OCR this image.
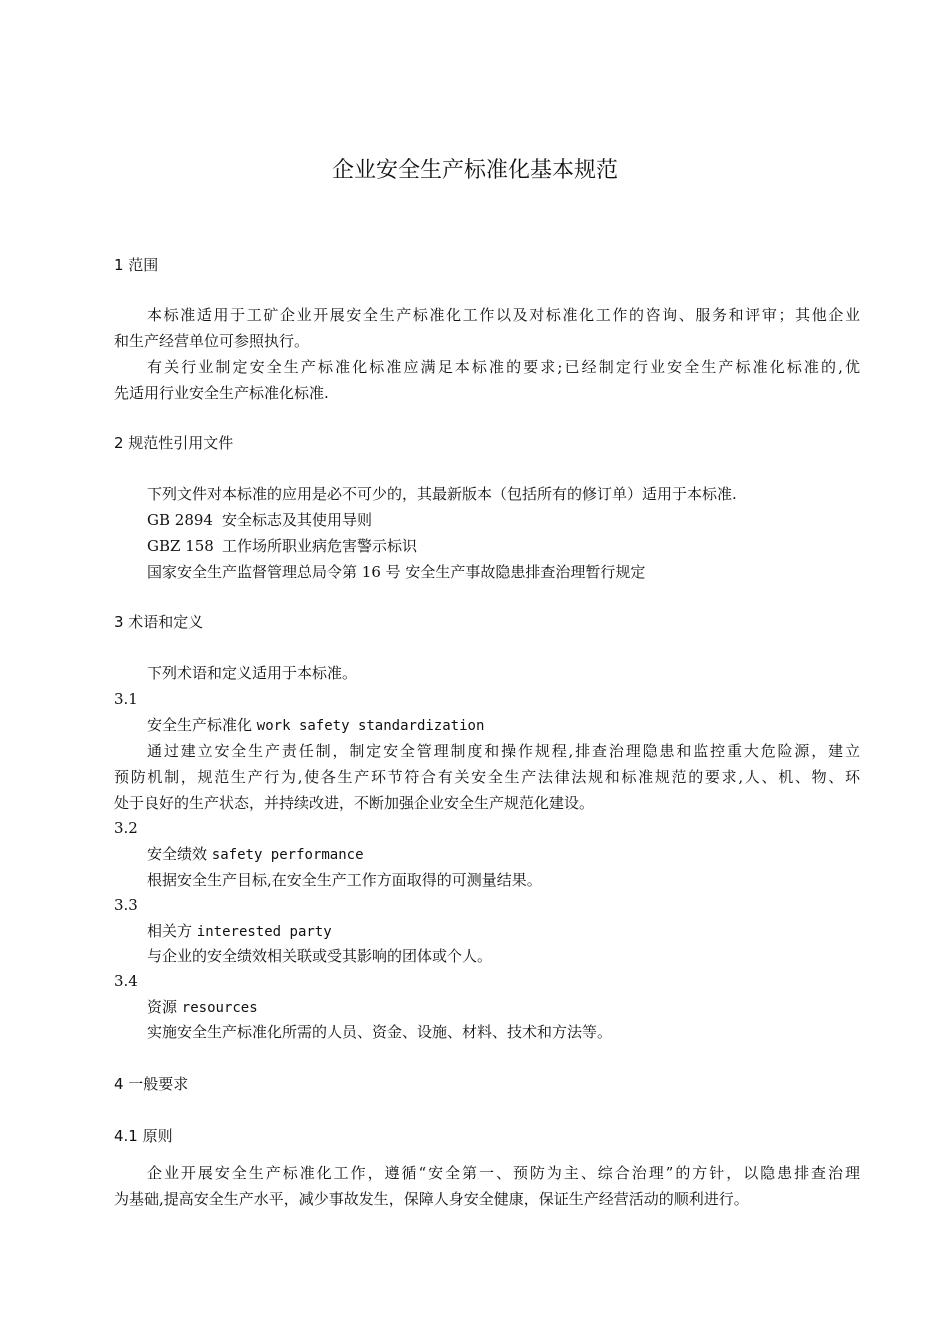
企业安全生产标准化基本规范
1 范围
本标准适用于工矿企业开展安全生产标准化工作以及对标准化工作的咨询、服务和评审；其他企业
和生产经营单位可参照执行。
有关行业制定安全生产标准化标准应满足本标准的要求;已经制定行业安全生产标准化标准的,优
先适用行业安全生产标准化标准.
2 规范性引用文件
下列文件对本标准的应用是必不可少的，其最新版本（包括所有的修订单）适用于本标准.
GB 2894 安全标志及其使用导则
GBZ 158 工作场所职业病危害警示标识
国家安全生产监督管理总局令第 16 号 安全生产事故隐患排查治理暂行规定
3 术语和定义
下列术语和定义适用于本标准。
3.1
安全生产标准化 work safety standardization
通过建立安全生产责任制，制定安全管理制度和操作规程,排查治理隐患和监控重大危险源，建立
预防机制，规范生产行为,使各生产环节符合有关安全生产法律法规和标准规范的要求,人、机、物、环
处于良好的生产状态，并持续改进，不断加强企业安全生产规范化建设。
3.2
安全绩效 safety performance
根据安全生产目标,在安全生产工作方面取得的可测量结果。
3.3
相关方 interested party
与企业的安全绩效相关联或受其影响的团体或个人。
3.4
资源 resources
实施安全生产标准化所需的人员、资金、设施、材料、技术和方法等。
4 一般要求
4.1 原则
企业开展安全生产标准化工作，遵循“安全第一、预防为主、综合治理”的方针，以隐患排查治理
为基础,提高安全生产水平，减少事故发生，保障人身安全健康，保证生产经营活动的顺利进行。
